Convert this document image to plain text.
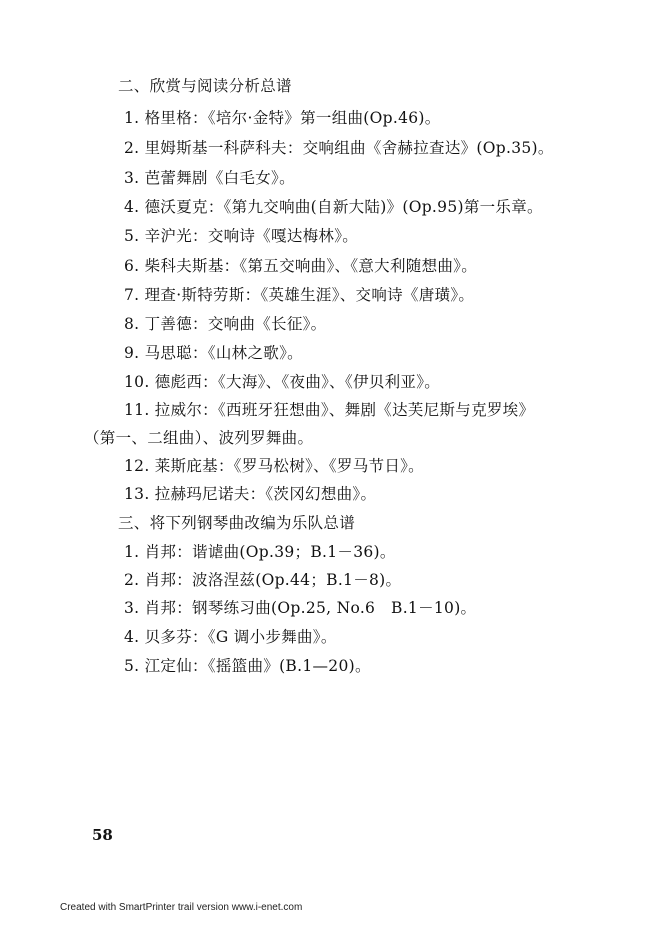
二、欣赏与阅读分析总谱
1. 格里格：《培尔·金特》第一组曲(Op.46)。
2. 里姆斯基一科萨科夫：交响组曲《舍赫拉查达》(Op.35)。
3. 芭蕾舞剧《白毛女》。
4. 德沃夏克：《第九交响曲(自新大陆)》(Op.95)第一乐章。
5. 辛沪光：交响诗《嘎达梅林》。
6. 柴科夫斯基：《第五交响曲》、《意大利随想曲》。
7. 理查·斯特劳斯：《英雄生涯》、交响诗《唐璜》。
8. 丁善德：交响曲《长征》。
9. 马思聪：《山林之歌》。
10. 德彪西：《大海》、《夜曲》、《伊贝利亚》。
11. 拉威尔：《西班牙狂想曲》、舞剧《达芙尼斯与克罗埃》
（第一、二组曲）、波列罗舞曲。
12. 莱斯庇基：《罗马松树》、《罗马节日》。
13. 拉赫玛尼诺夫：《茨冈幻想曲》。
三、将下列钢琴曲改编为乐队总谱
1. 肖邦：谐谑曲(Op.39；B.1－36)。
2. 肖邦：波洛涅兹(Op.44；B.1－8)。
3. 肖邦：钢琴练习曲(Op.25, No.6　B.1－10)。
4. 贝多芬：《G 调小步舞曲》。
5. 江定仙：《摇篮曲》(B.1—20)。
58
Created with SmartPrinter trail version www.i-enet.com
